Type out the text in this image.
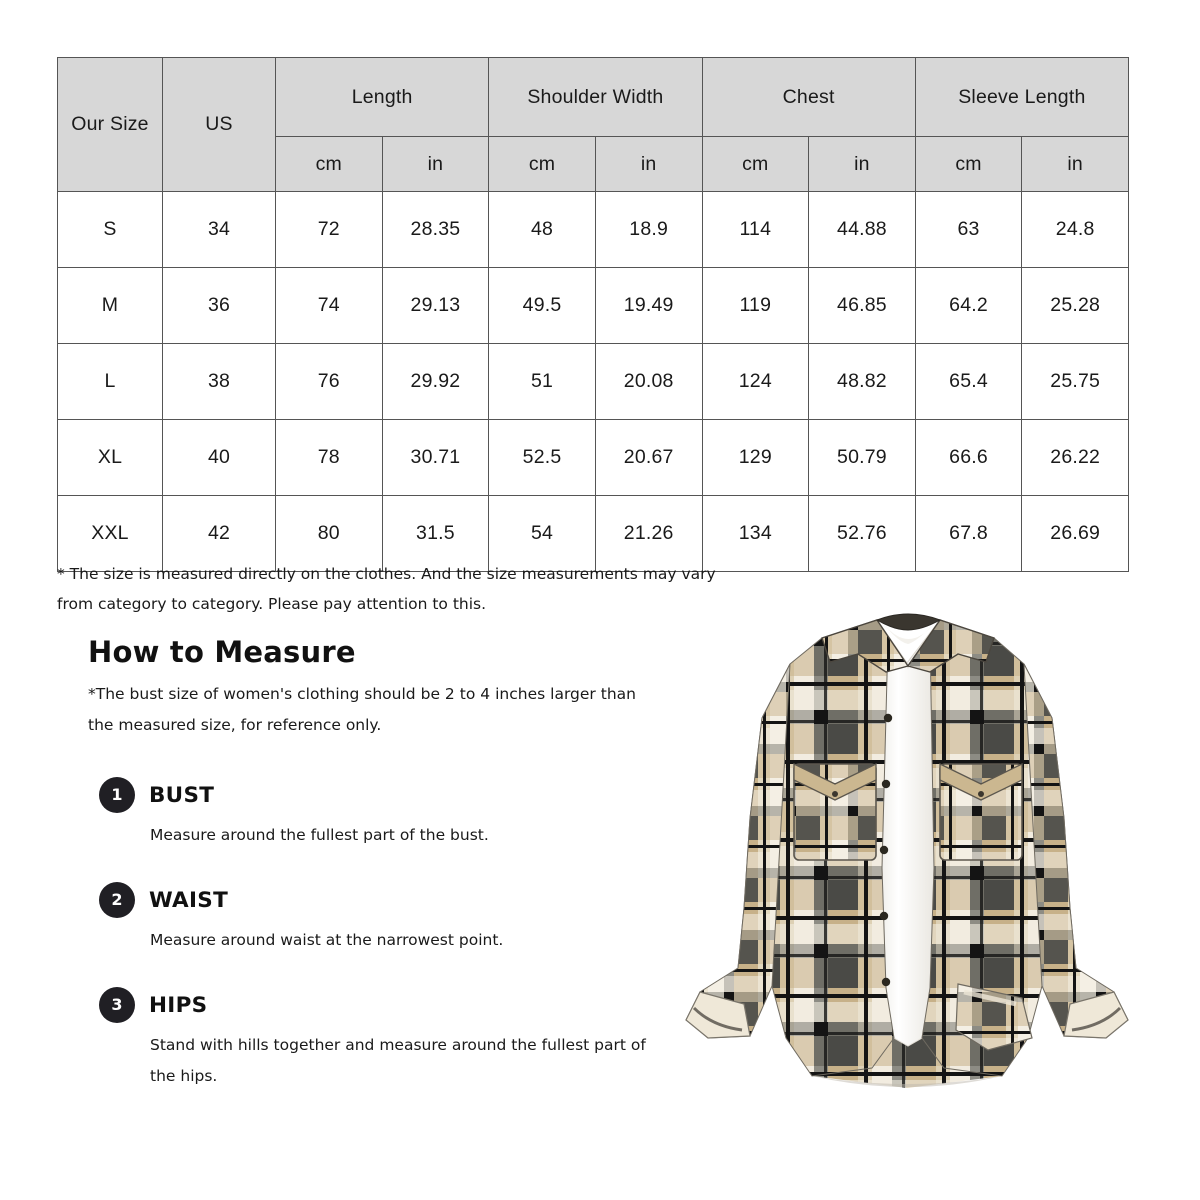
Our Size	US	Length		Shoulder Width		Chest		Sleeve Length	
		cm	in	cm	in	cm	in	cm	in
S	34	72	28.35	48	18.9	114	44.88	63	24.8
M	36	74	29.13	49.5	19.49	119	46.85	64.2	25.28
L	38	76	29.92	51	20.08	124	48.82	65.4	25.75
XL	40	78	30.71	52.5	20.67	129	50.79	66.6	26.22
XXL	42	80	31.5	54	21.26	134	52.76	67.8	26.69
* The size is measured directly on the clothes. And the size measurements may vary from category to category. Please pay attention to this.
How to Measure

*The bust size of women's clothing should be 2 to 4 inches larger than the measured size, for reference only.

1	BUST
Measure around the fullest part of the bust.
2	WAIST
Measure around waist at the narrowest point.
3	HIPS
Stand with hills together and measure around the fullest part of the hips.
